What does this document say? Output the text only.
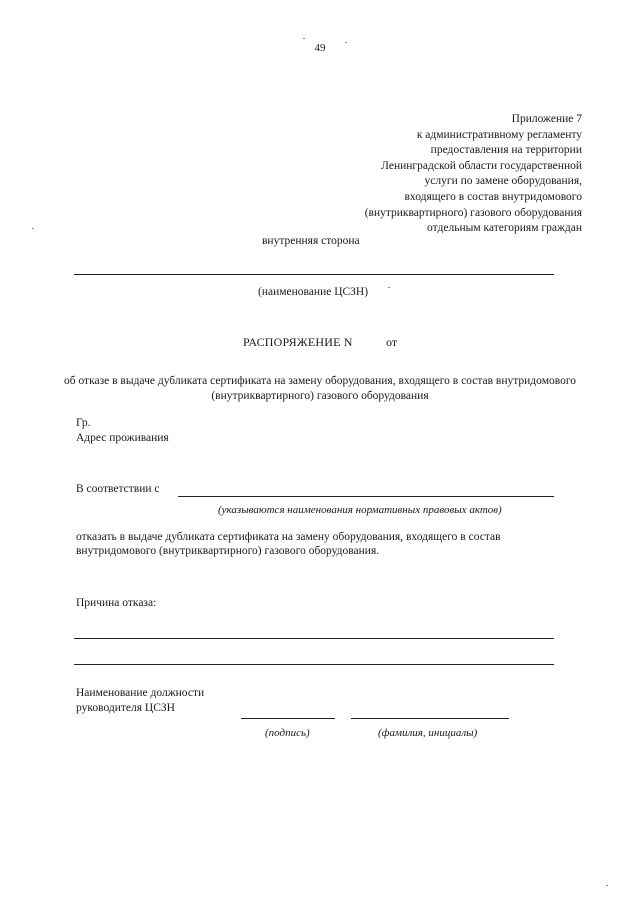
49
Приложение 7
к административному регламенту
предоставления на территории
Ленинградской области государственной
услуги по замене оборудования,
входящего в состав внутридомового
(внутриквартирного) газового оборудования
отдельным категориям граждан
внутренняя сторона
(наименование ЦСЗН)
РАСПОРЯЖЕНИЕ N	от
об отказе в выдаче дубликата сертификата на замену оборудования, входящего в состав внутридомового (внутриквартирного) газового оборудования
Гр.
Адрес проживания
В соответствии с
(указываются наименования нормативных правовых актов)
отказать в выдаче дубликата сертификата на замену оборудования, входящего в состав
внутридомового (внутриквартирного) газового оборудования.
Причина отказа:
Наименование должности
руководителя ЦСЗН
(подпись)	(фамилия, инициалы)
